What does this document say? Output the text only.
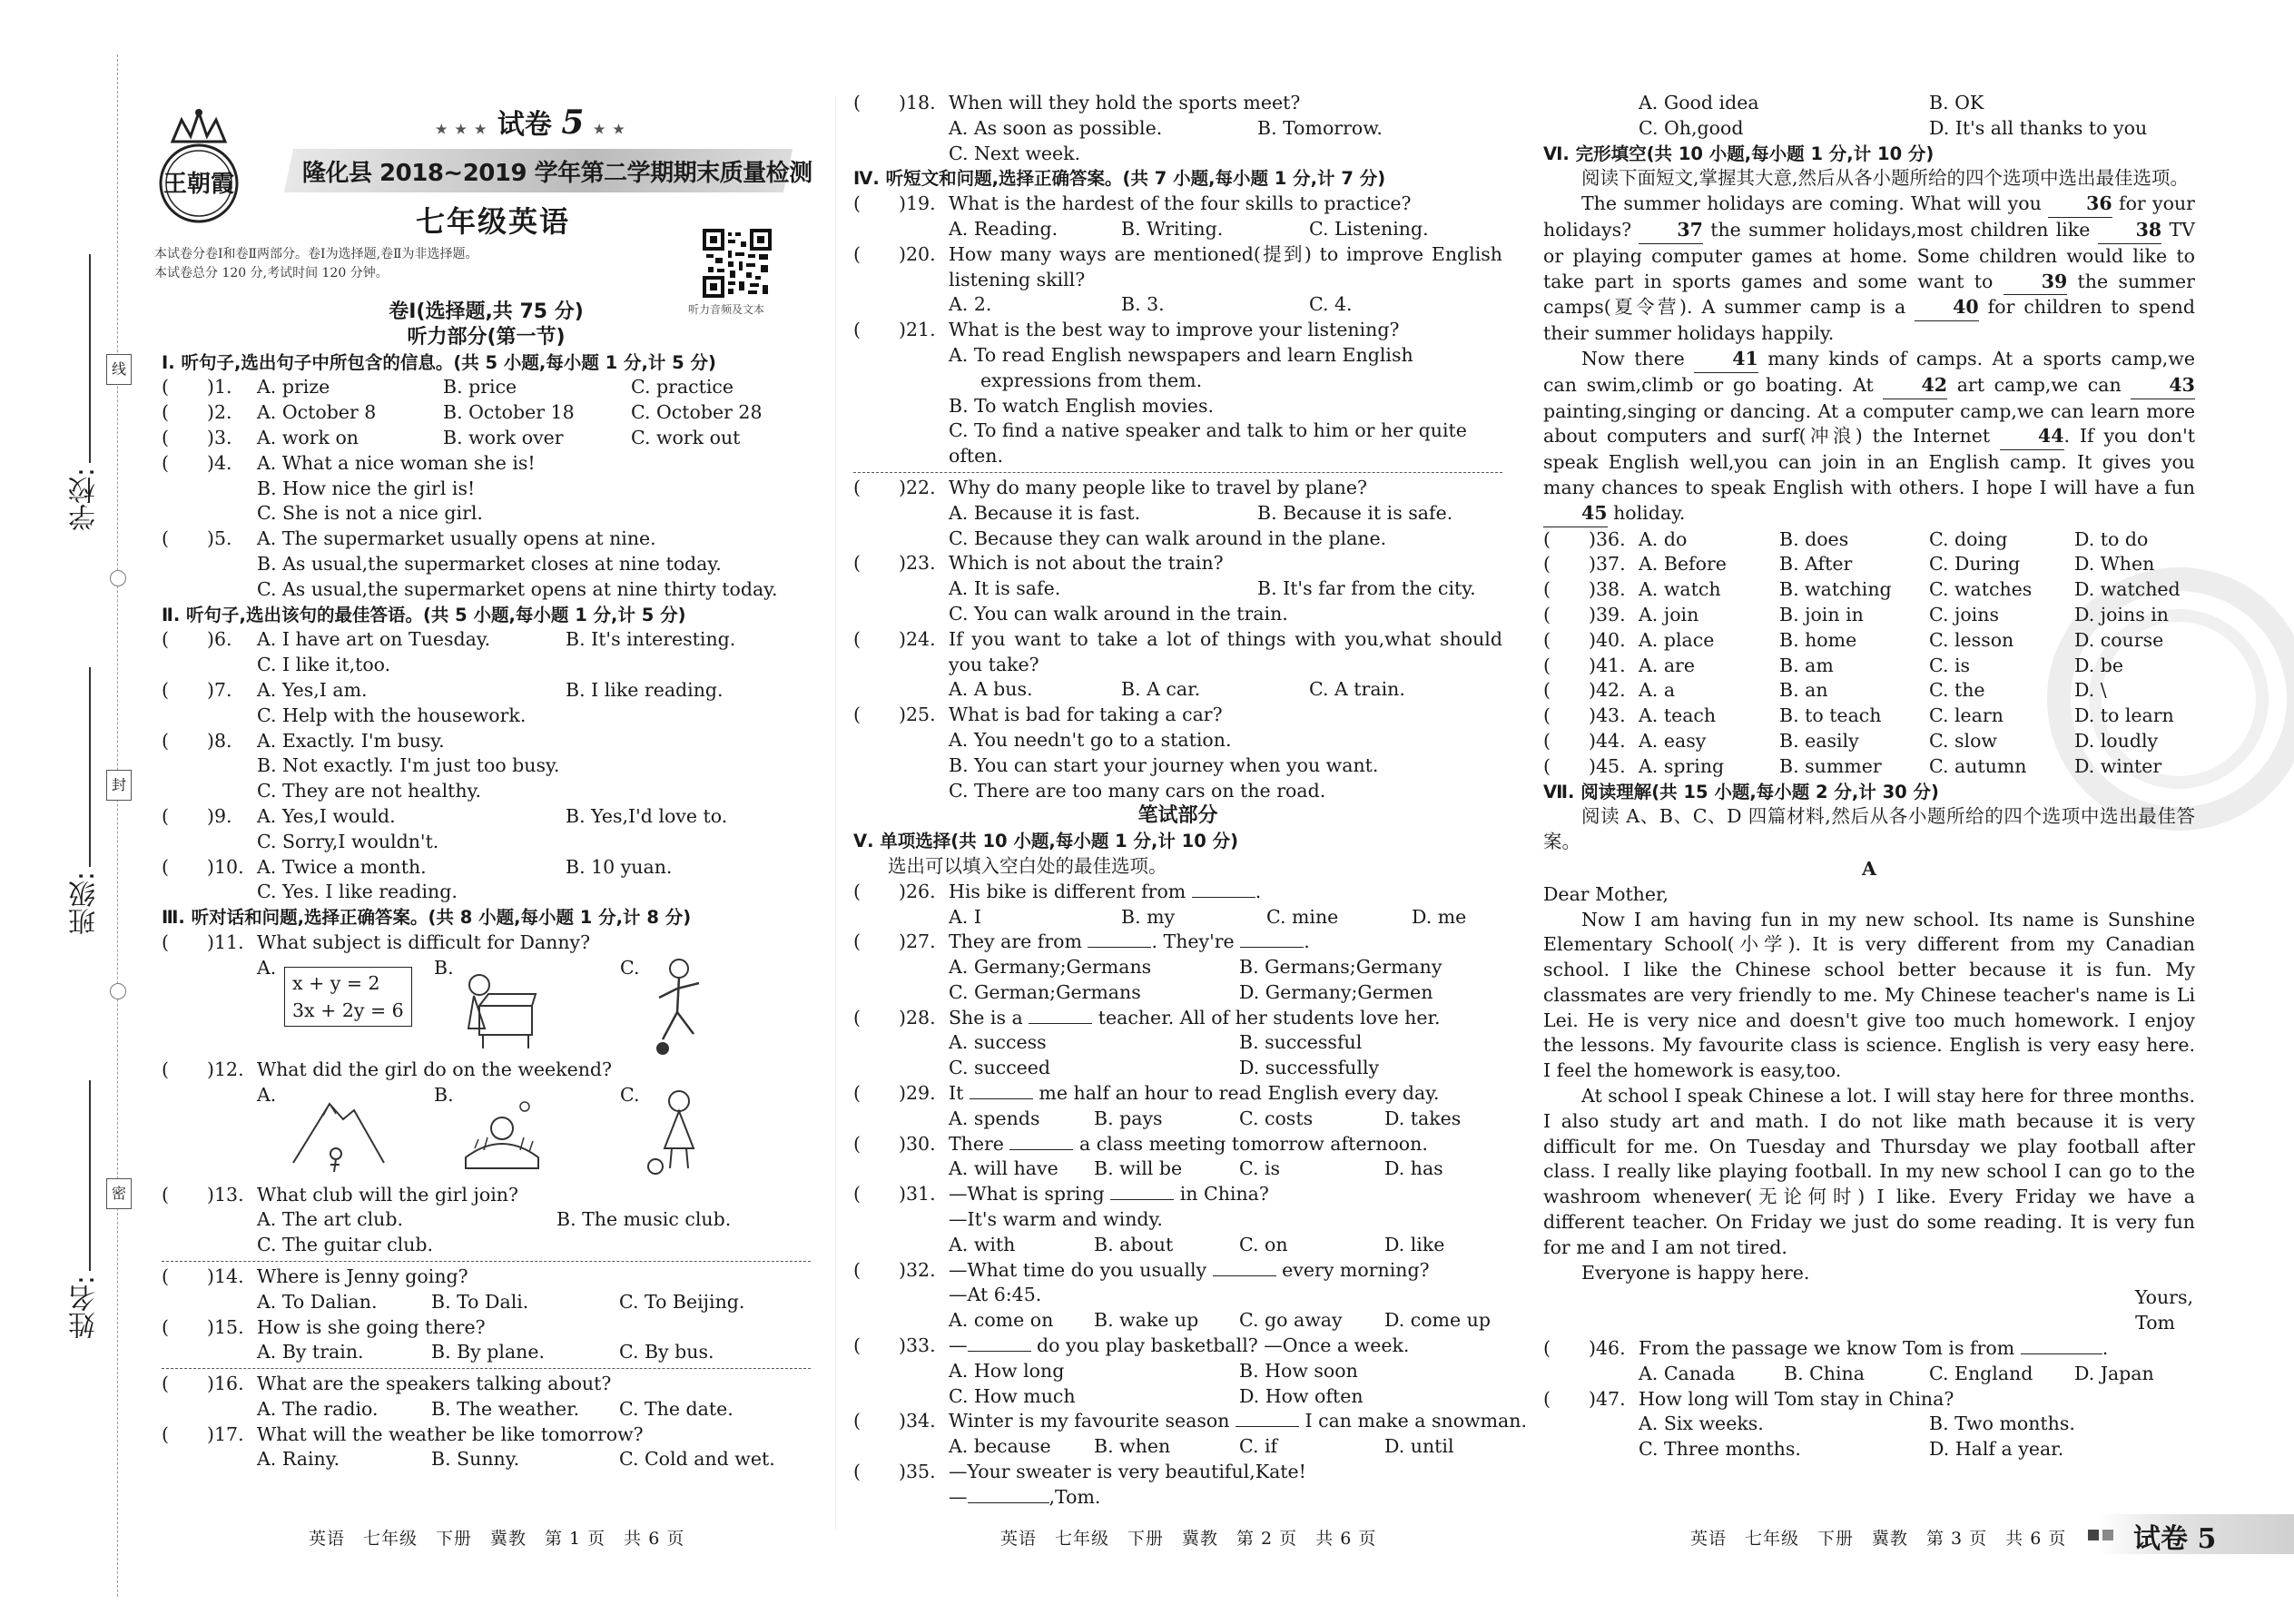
线
封
密
学校:
班级:
姓名:
王朝霞
★ ★ ★ 试卷 5 ★ ★
隆化县 2018~2019 学年第二学期期末质量检测
七年级英语
本试卷分卷Ⅰ和卷Ⅱ两部分。卷Ⅰ为选择题,卷Ⅱ为非选择题。
本试卷总分 120 分,考试时间 120 分钟。
听力音频及文本
卷Ⅰ(选择题,共 75 分)
听力部分(第一节)
Ⅰ. 听句子,选出句子中所包含的信息。(共 5 小题,每小题 1 分,计 5 分)
(	)1.	A. prize	B. price	C. practice
(	)2.	A. October 8	B. October 18	C. October 28
(	)3.	A. work on	B. work over	C. work out
(	)4.	A. What a nice woman she is!
B. How nice the girl is!
C. She is not a nice girl.
(	)5.	A. The supermarket usually opens at nine.
B. As usual,the supermarket closes at nine today.
C. As usual,the supermarket opens at nine thirty today.
Ⅱ. 听句子,选出该句的最佳答语。(共 5 小题,每小题 1 分,计 5 分)
(	)6.	A. I have art on Tuesday.	B. It's interesting.
C. I like it,too.
(	)7.	A. Yes,I am.	B. I like reading.
C. Help with the housework.
(	)8.	A. Exactly. I'm busy.
B. Not exactly. I'm just too busy.
C. They are not healthy.
(	)9.	A. Yes,I would.	B. Yes,I'd love to.
C. Sorry,I wouldn't.
(	)10. A. Twice a month.	B. 10 yuan.
C. Yes. I like reading.
Ⅲ. 听对话和问题,选择正确答案。(共 8 小题,每小题 1 分,计 8 分)
(	)11. What subject is difficult for Danny?
A.
x + y = 2
3x + 2y = 6
B.	C.
(	)12. What did the girl do on the weekend?
A.	B.	C.
(	)13. What club will the girl join?
A. The art club.	B. The music club.
C. The guitar club.
(	)14. Where is Jenny going?
A. To Dalian.	B. To Dali.	C. To Beijing.
(	)15. How is she going there?
A. By train.	B. By plane.	C. By bus.
(	)16. What are the speakers talking about?
A. The radio.	B. The weather.	C. The date.
(	)17. What will the weather be like tomorrow?
A. Rainy.	B. Sunny.	C. Cold and wet.
英语　七年级　下册　冀教　第 1 页　共 6 页
(	)18. When will they hold the sports meet?
A. As soon as possible.	B. Tomorrow.
C. Next week.
Ⅳ. 听短文和问题,选择正确答案。(共 7 小题,每小题 1 分,计 7 分)
(	)19. What is the hardest of the four skills to practice?
A. Reading.	B. Writing.	C. Listening.
(	)20. How many ways are mentioned(提到) to improve English listening skill?
A. 2.	B. 3.	C. 4.
(	)21. What is the best way to improve your listening?
A. To read English newspapers and learn English expressions from them.
B. To watch English movies.
C. To find a native speaker and talk to him or her quite often.
(	)22. Why do many people like to travel by plane?
A. Because it is fast.	B. Because it is safe.
C. Because they can walk around in the plane.
(	)23. Which is not about the train?
A. It is safe.	B. It's far from the city.
C. You can walk around in the train.
(	)24. If you want to take a lot of things with you,what should you take?
A. A bus.	B. A car.	C. A train.
(	)25. What is bad for taking a car?
A. You needn't go to a station.
B. You can start your journey when you want.
C. There are too many cars on the road.
笔试部分
Ⅴ. 单项选择(共 10 小题,每小题 1 分,计 10 分)
选出可以填入空白处的最佳选项。
(	)26. His bike is different from	.
A. I	B. my	C. mine	D. me
(	)27. They are from	. They're	.
A. Germany;Germans	B. Germans;Germany
C. German;Germans	D. Germany;Germen
(	)28. She is a	teacher. All of her students love her.
A. success	B. successful
C. succeed	D. successfully
(	)29. It	me half an hour to read English every day.
A. spends	B. pays	C. costs	D. takes
(	)30. There	a class meeting tomorrow afternoon.
A. will have	B. will be	C. is	D. has
(	)31. —What is spring	in China?
—It's warm and windy.
A. with	B. about	C. on	D. like
(	)32. —What time do you usually	every morning?
—At 6:45.
A. come on	B. wake up	C. go away	D. come up
(	)33. —	do you play basketball? —Once a week.
A. How long	B. How soon
C. How much	D. How often
(	)34. Winter is my favourite season	I can make a snowman.
A. because	B. when	C. if	D. until
(	)35. —Your sweater is very beautiful,Kate!
—	,Tom.
英语　七年级　下册　冀教　第 2 页　共 6 页
A. Good idea	B. OK
C. Oh,good	D. It's all thanks to you
Ⅵ. 完形填空(共 10 小题,每小题 1 分,计 10 分)
阅读下面短文,掌握其大意,然后从各小题所给的四个选项中选出最佳选项。
The summer holidays are coming. What will you 36 for your holidays? 37 the summer holidays,most children like 38 TV or playing computer games at home. Some children would like to take part in sports games and some want to	39 the summer camps(夏令营). A summer camp is a	40 for children to spend their summer holidays happily.
Now there	41 many kinds of camps. At a sports camp,we can swim,climb or go boating. At	42 art camp,we can	43 painting,singing or dancing. At a computer camp,we can learn more about computers and surf(冲浪) the Internet	44. If you don't speak English well,you can join in an English camp. It gives you many chances to speak English with others. I hope I will have a fun 45 holiday.
(	)36. A. do	B. does	C. doing	D. to do
(	)37. A. Before	B. After	C. During	D. When
(	)38. A. watch	B. watching	C. watches	D. watched
(	)39. A. join	B. join in	C. joins	D. joins in
(	)40. A. place	B. home	C. lesson	D. course
(	)41. A. are	B. am	C. is	D. be
(	)42. A. a	B. an	C. the	D. \
(	)43. A. teach	B. to teach	C. learn	D. to learn
(	)44. A. easy	B. easily	C. slow	D. loudly
(	)45. A. spring	B. summer	C. autumn	D. winter
Ⅶ. 阅读理解(共 15 小题,每小题 2 分,计 30 分)
阅读 A、B、C、D 四篇材料,然后从各小题所给的四个选项中选出最佳答案。
A
Dear Mother,
Now I am having fun in my new school. Its name is Sunshine Elementary School(小学). It is very different from my Canadian school. I like the Chinese school better because it is fun. My classmates are very friendly to me. My Chinese teacher's name is Li Lei. He is very nice and doesn't give too much homework. I enjoy the lessons. My favourite class is science. English is very easy here. I feel the homework is easy,too.
At school I speak Chinese a lot. I will stay here for three months. I also study art and math. I do not like math because it is very difficult for me. On Tuesday and Thursday we play football after class. I really like playing football. In my new school I can go to the washroom whenever(无论何时) I like. Every Friday we have a different teacher. On Friday we just do some reading. It is very fun for me and I am not tired.
Everyone is happy here.
Yours,
Tom
(	)46. From the passage we know Tom is from	.
A. Canada	B. China	C. England	D. Japan
(	)47. How long will Tom stay in China?
A. Six weeks.	B. Two months.
C. Three months.	D. Half a year.
英语　七年级　下册　冀教　第 3 页　共 6 页 试卷 5
